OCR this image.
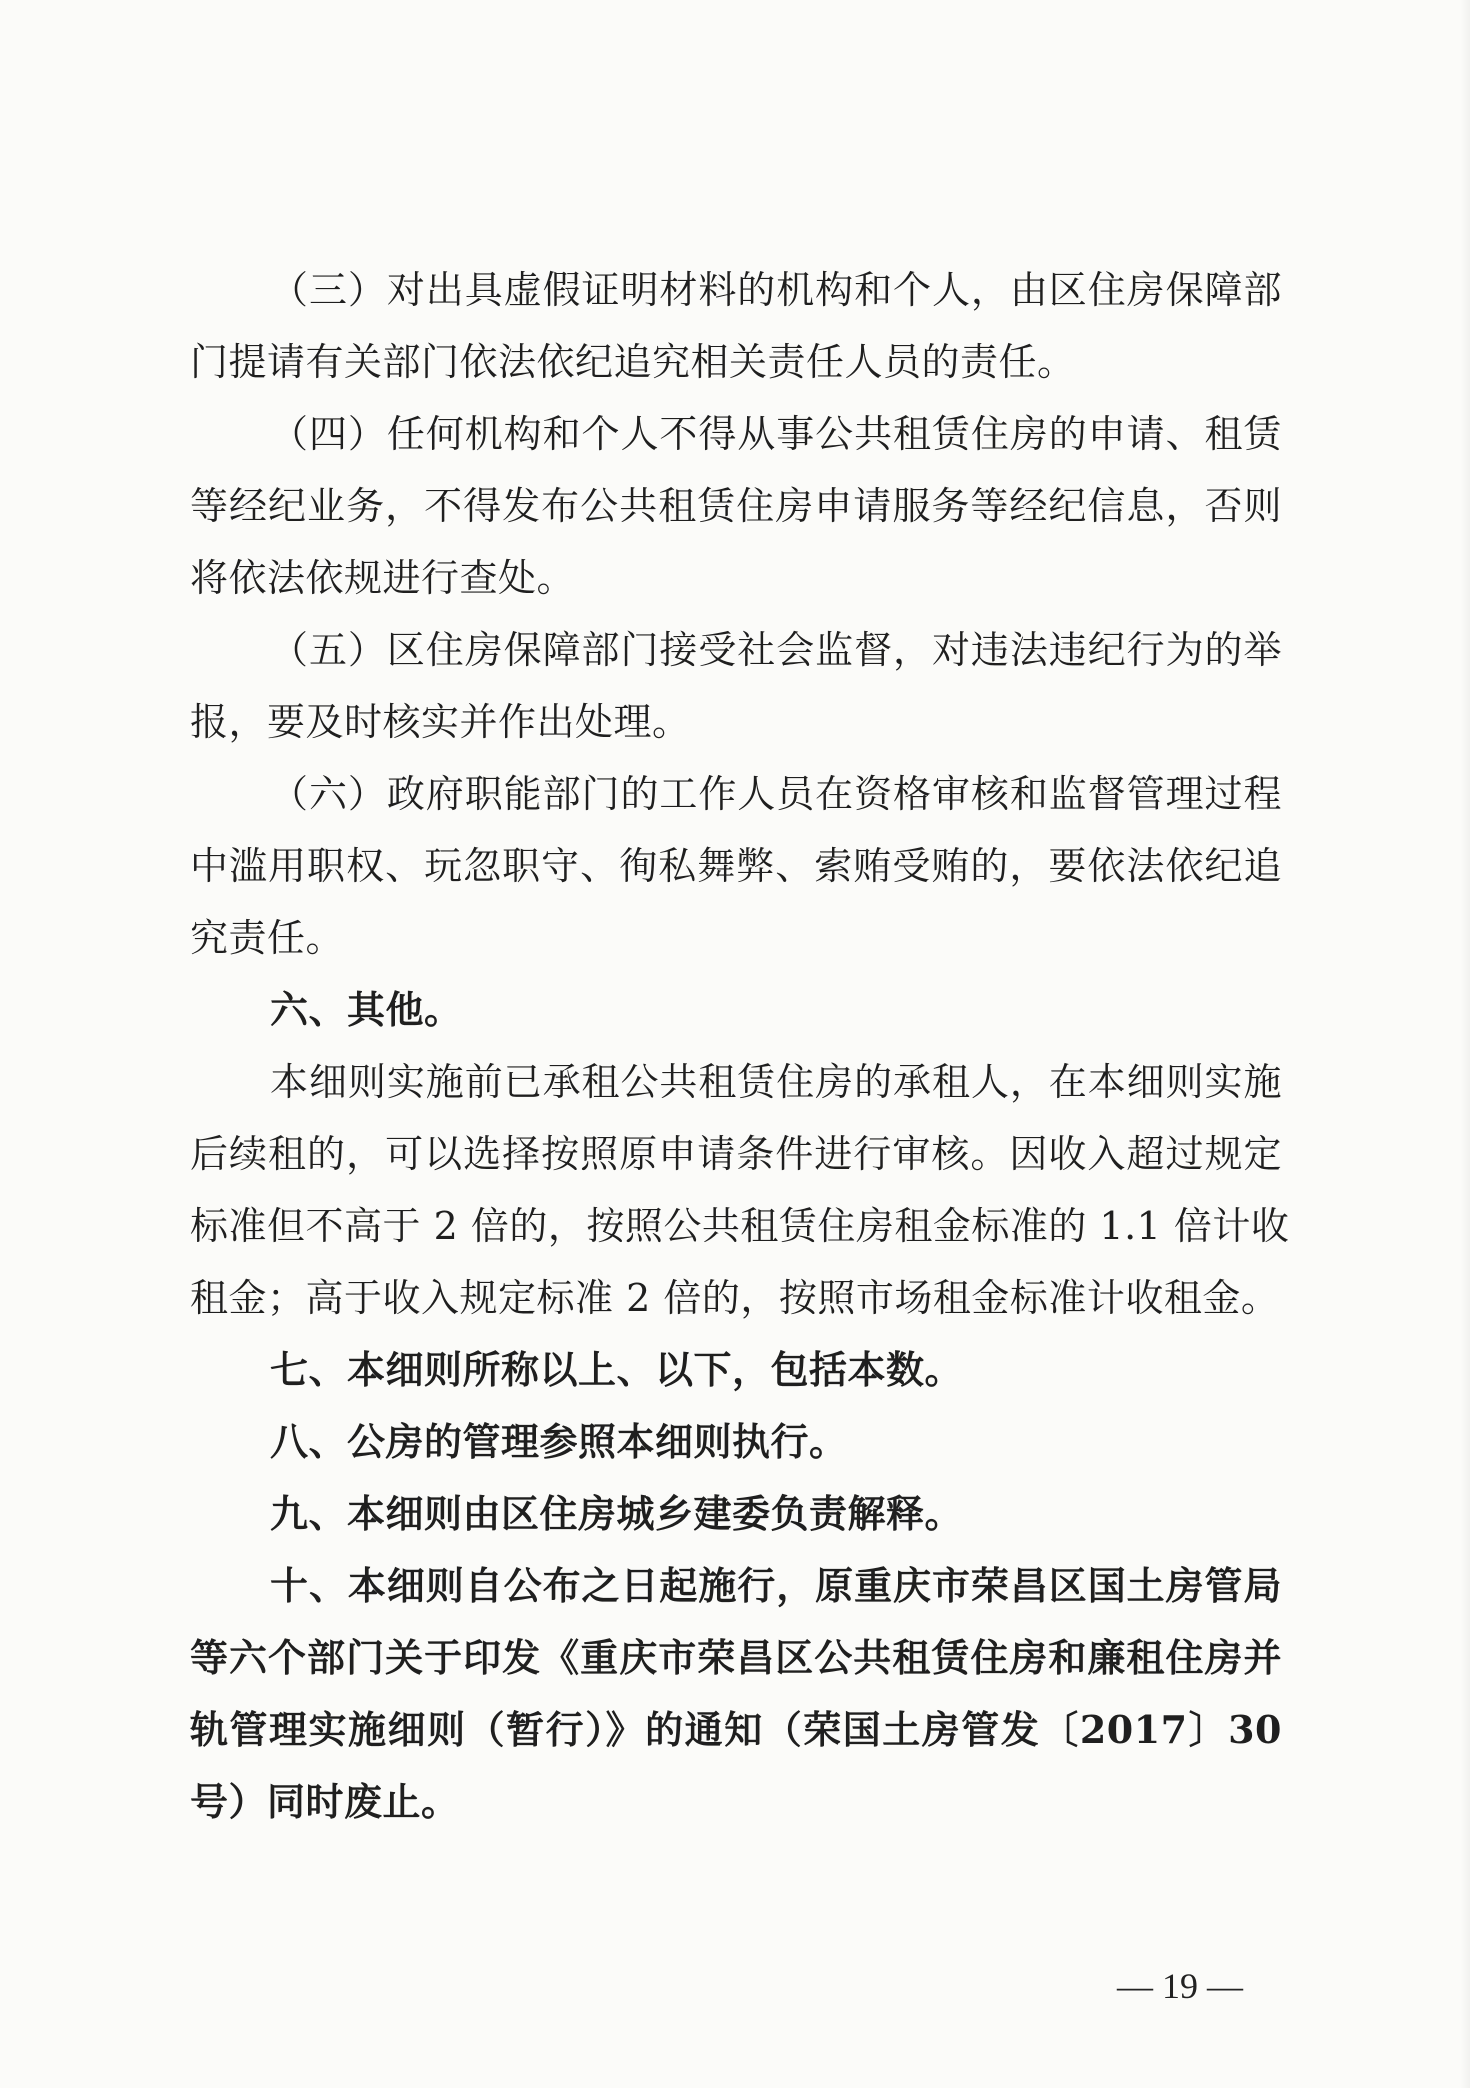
（三）对出具虚假证明材料的机构和个人，由区住房保障部
门提请有关部门依法依纪追究相关责任人员的责任。
（四）任何机构和个人不得从事公共租赁住房的申请、租赁
等经纪业务，不得发布公共租赁住房申请服务等经纪信息，否则
将依法依规进行查处。
（五）区住房保障部门接受社会监督，对违法违纪行为的举
报，要及时核实并作出处理。
（六）政府职能部门的工作人员在资格审核和监督管理过程
中滥用职权、玩忽职守、徇私舞弊、索贿受贿的，要依法依纪追
究责任。
六、其他。
本细则实施前已承租公共租赁住房的承租人，在本细则实施
后续租的，可以选择按照原申请条件进行审核。因收入超过规定
标准但不高于 2 倍的，按照公共租赁住房租金标准的 1.1 倍计收
租金；高于收入规定标准 2 倍的，按照市场租金标准计收租金。
七、本细则所称以上、以下，包括本数。
八、公房的管理参照本细则执行。
九、本细则由区住房城乡建委负责解释。
十、本细则自公布之日起施行，原重庆市荣昌区国土房管局
等六个部门关于印发《重庆市荣昌区公共租赁住房和廉租住房并
轨管理实施细则（暂行）》的通知（荣国土房管发〔2017〕30
号）同时废止。
— 19 —
